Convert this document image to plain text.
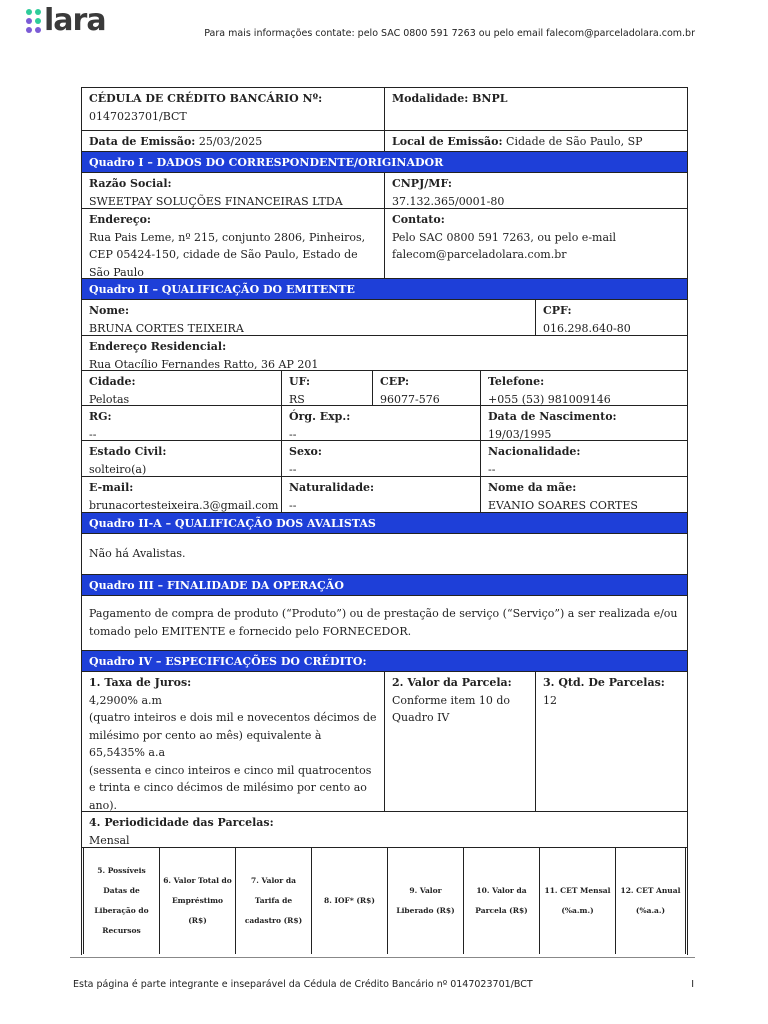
lara	Para mais informações contate: pelo SAC 0800 591 7263 ou pelo email falecom@parceladolara.com.br
CÉDULA DE CRÉDITO BANCÁRIO Nº:
0147023701/BCT
Modalidade: BNPL
Data de Emissão: 25/03/2025	Local de Emissão: Cidade de São Paulo, SP
Quadro I – DADOS DO CORRESPONDENTE/ORIGINADOR
Razão Social:
SWEETPAY SOLUÇÕES FINANCEIRAS LTDA
CNPJ/MF:
37.132.365/0001-80
Endereço:
Rua Pais Leme, nº 215, conjunto 2806, Pinheiros, CEP 05424-150, cidade de São Paulo, Estado de São Paulo
Contato:
Pelo SAC 0800 591 7263, ou pelo e-mail falecom@parceladolara.com.br
Quadro II – QUALIFICAÇÃO DO EMITENTE
Nome:
BRUNA CORTES TEIXEIRA
CPF:
016.298.640-80
Endereço Residencial:
Rua Otacílio Fernandes Ratto, 36 AP 201
Cidade:
Pelotas
UF:
RS
CEP:
96077-576
Telefone:
+055 (53) 981009146
RG:
--
Órg. Exp.:
--
Data de Nascimento:
19/03/1995
Estado Civil:
solteiro(a)
Sexo:
--
Nacionalidade:
--
E-mail:
brunacortesteixeira.3@gmail.com
Naturalidade:
--
Nome da mãe:
EVANIO SOARES CORTES
Quadro II-A – QUALIFICAÇÃO DOS AVALISTAS
Não há Avalistas.
Quadro III – FINALIDADE DA OPERAÇÃO
Pagamento de compra de produto (“Produto”) ou de prestação de serviço (“Serviço”) a ser realizada e/ou tomado pelo EMITENTE e fornecido pelo FORNECEDOR.
Quadro IV – ESPECIFICAÇÕES DO CRÉDITO:
1. Taxa de Juros:
4,2900% a.m
(quatro inteiros e dois mil e novecentos décimos de milésimo por cento ao mês) equivalente à
65,5435% a.a
(sessenta e cinco inteiros e cinco mil quatrocentos e trinta e cinco décimos de milésimo por cento ao ano).
2. Valor da Parcela:
Conforme item 10 do Quadro IV
3. Qtd. De Parcelas:
12
4. Periodicidade das Parcelas:
Mensal
5. Possíveis Datas de Liberação do Recursos
6. Valor Total do Empréstimo (R$)
7. Valor da Tarifa de cadastro (R$)
8. IOF* (R$)
9. Valor Liberado (R$)
10. Valor da Parcela (R$)
11. CET Mensal (%a.m.)
12. CET Anual (%a.a.)
Esta página é parte integrante e inseparável da Cédula de Crédito Bancário nº 0147023701/BCT	I
